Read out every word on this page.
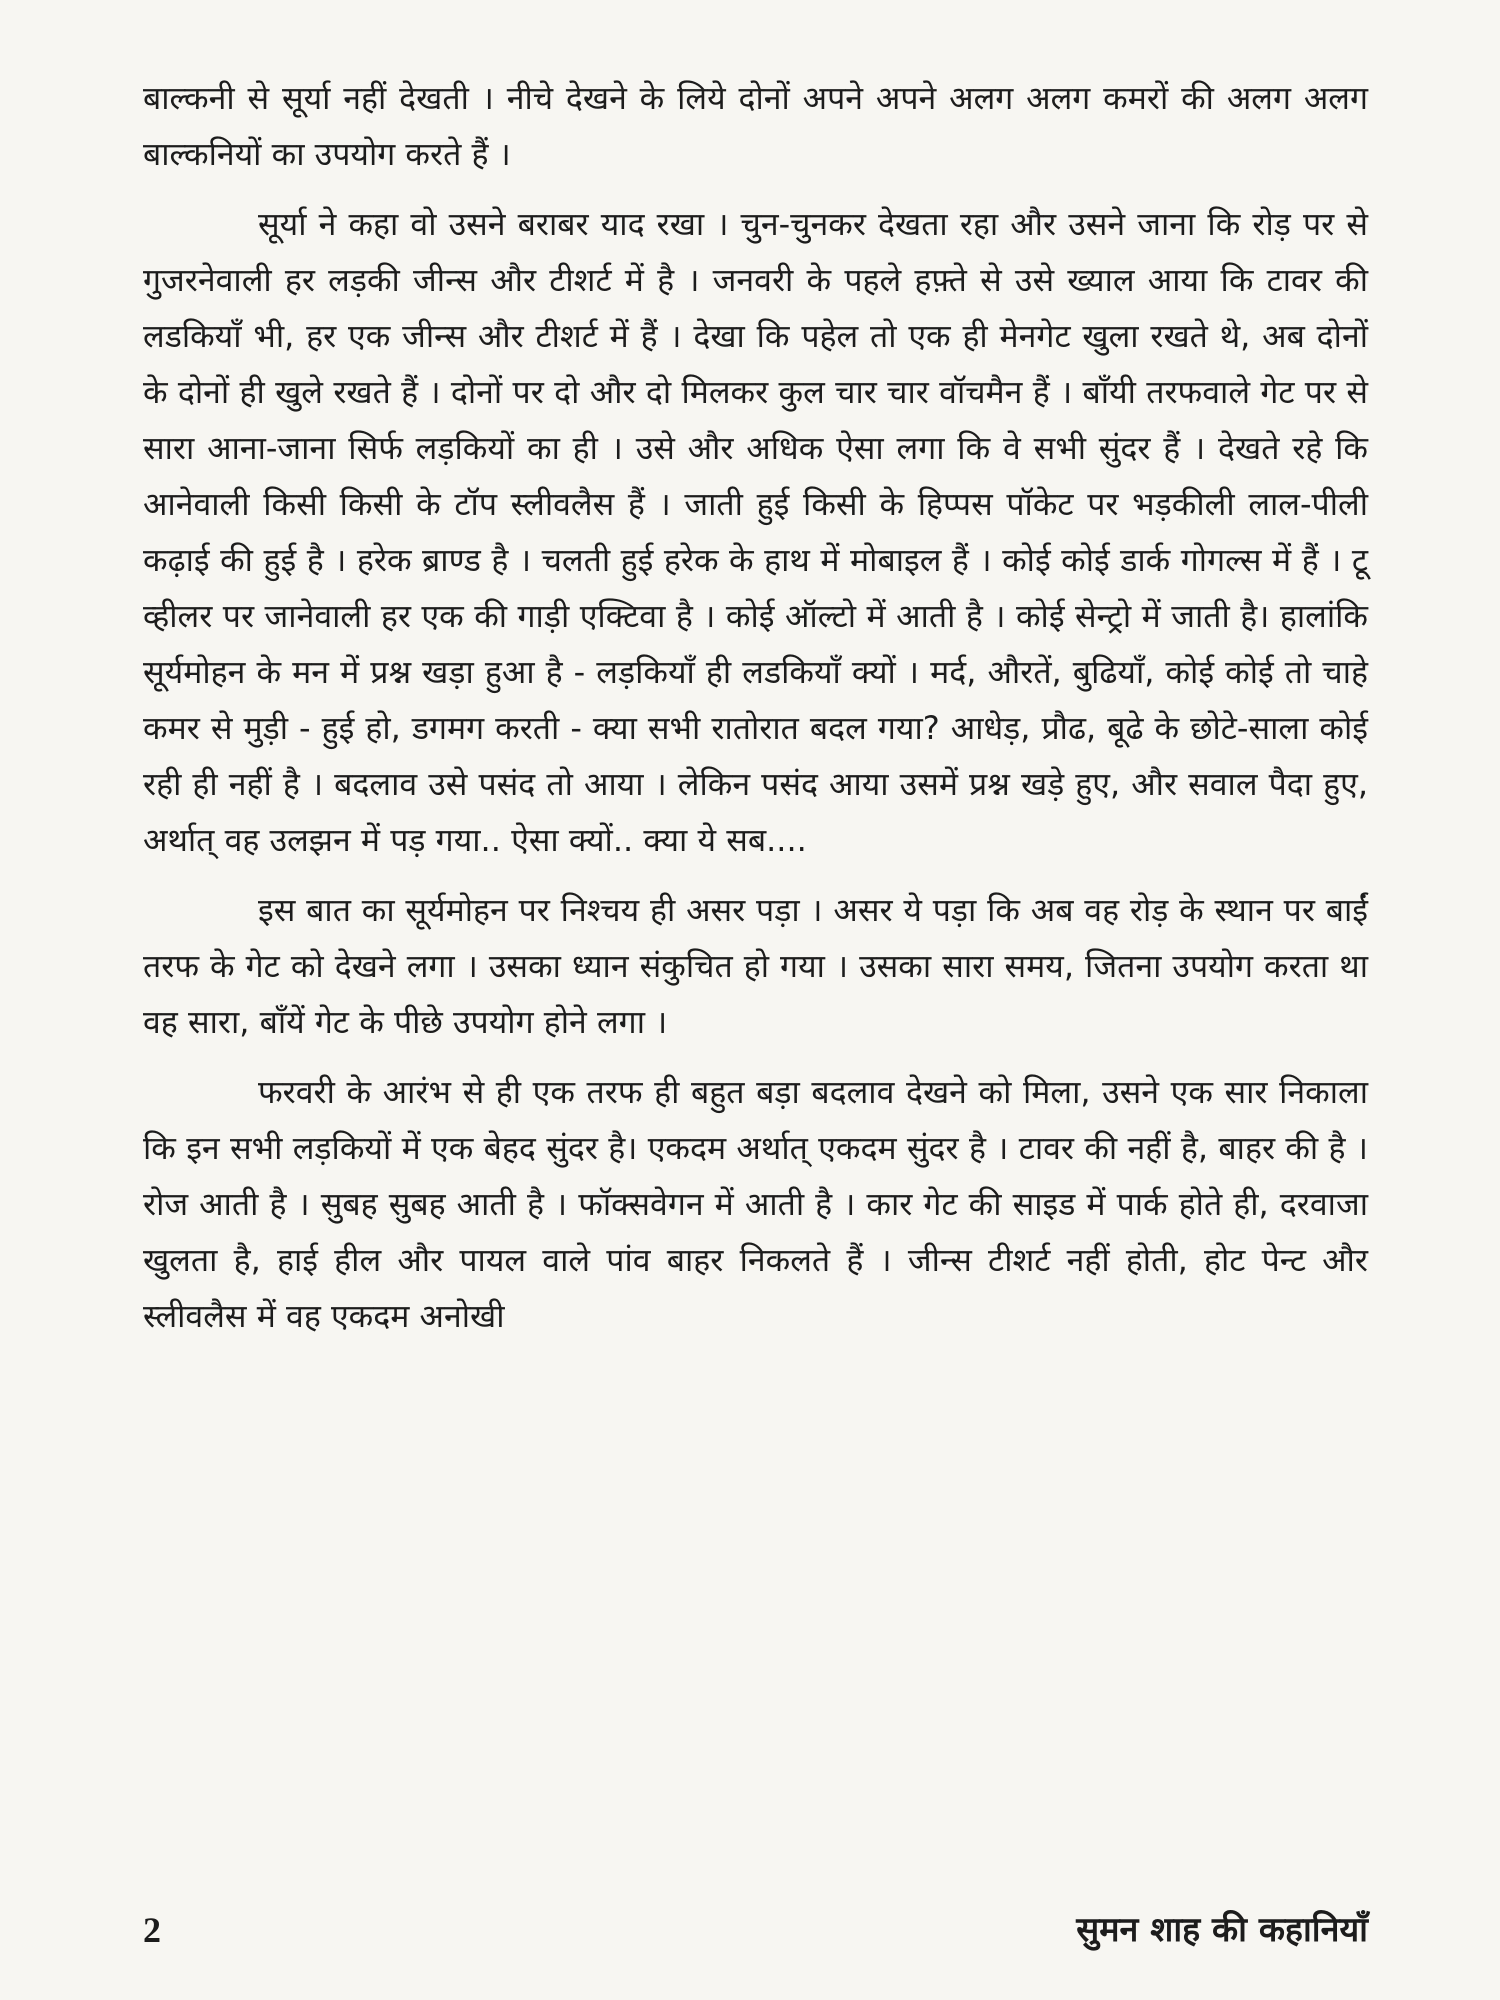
बाल्कनी से सूर्या नहीं देखती । नीचे देखने के लिये दोनों अपने अपने अलग अलग कमरों की अलग अलग बाल्कनियों का उपयोग करते हैं ।

सूर्या ने कहा वो उसने बराबर याद रखा । चुन-चुनकर देखता रहा और उसने जाना कि रोड़ पर से गुजरनेवाली हर लड़की जीन्स और टीशर्ट में है । जनवरी के पहले हफ़्ते से उसे ख्याल आया कि टावर की लडकियाँ भी, हर एक जीन्स और टीशर्ट में हैं । देखा कि पहेल तो एक ही मेनगेट खुला रखते थे, अब दोनों के दोनों ही खुले रखते हैं । दोनों पर दो और दो मिलकर कुल चार चार वॉचमैन हैं । बाँयी तरफवाले गेट पर से सारा आना-जाना सिर्फ लड़कियों का ही । उसे और अधिक ऐसा लगा कि वे सभी सुंदर हैं । देखते रहे कि आनेवाली किसी किसी के टॉप स्लीवलैस हैं । जाती हुई किसी के हिप्पस पॉकेट पर भड़कीली लाल-पीली कढ़ाई की हुई है । हरेक ब्राण्ड है । चलती हुई हरेक के हाथ में मोबाइल हैं । कोई कोई डार्क गोगल्स में हैं । टू व्हीलर पर जानेवाली हर एक की गाड़ी एक्टिवा है । कोई ऑल्टो में आती है । कोई सेन्ट्रो में जाती है। हालांकि सूर्यमोहन के मन में प्रश्न खड़ा हुआ है - लड़कियाँ ही लडकियाँ क्यों । मर्द, औरतें, बुढियाँ, कोई कोई तो चाहे कमर से मुड़ी - हुई हो, डगमग करती - क्या सभी रातोरात बदल गया? आधेड़, प्रौढ, बूढे के छोटे-साला कोई रही ही नहीं है । बदलाव उसे पसंद तो आया । लेकिन पसंद आया उसमें प्रश्न खड़े हुए, और सवाल पैदा हुए, अर्थात् वह उलझन में पड़ गया.. ऐसा क्यों.. क्या ये सब....

इस बात का सूर्यमोहन पर निश्चय ही असर पड़ा । असर ये पड़ा कि अब वह रोड़ के स्थान पर बाईं तरफ के गेट को देखने लगा । उसका ध्यान संकुचित हो गया । उसका सारा समय, जितना उपयोग करता था वह सारा, बाँयें गेट के पीछे उपयोग होने लगा ।

फरवरी के आरंभ से ही एक तरफ ही बहुत बड़ा बदलाव देखने को मिला, उसने एक सार निकाला कि इन सभी लड़कियों में एक बेहद सुंदर है। एकदम अर्थात् एकदम सुंदर है । टावर की नहीं है, बाहर की है । रोज आती है । सुबह सुबह आती है । फॉक्सवेगन में आती है । कार गेट की साइड में पार्क होते ही, दरवाजा खुलता है, हाई हील और पायल वाले पांव बाहर निकलते हैं । जीन्स टीशर्ट नहीं होती, होट पेन्ट और स्लीवलैस में वह एकदम अनोखी

2	सुमन शाह की कहानियाँ
